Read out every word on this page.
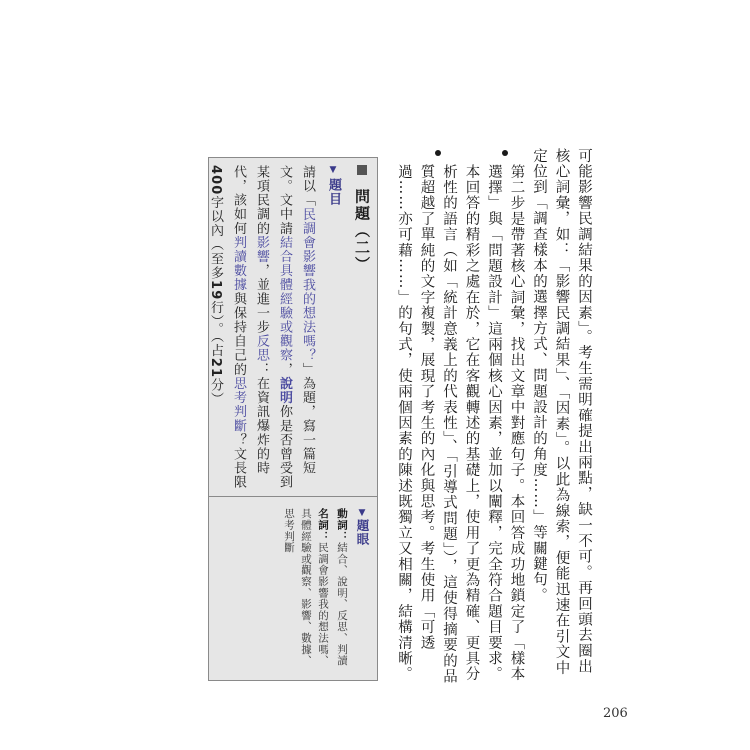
可能影響民調結果的因素」。考生需明確提出兩點，缺一不可。再回頭去圈出核心詞彙，如：「影響民調結果」、「因素」。以此為線索，便能迅速在引文中定位到「調查樣本的選擇方式、問題設計的角度……」等關鍵句。

第二步是帶著核心詞彙，找出文章中對應句子。本回答成功地鎖定了「樣本選擇」與「問題設計」這兩個核心因素，並加以闡釋，完全符合題目要求。

本回答的精彩之處在於，它在客觀轉述的基礎上，使用了更為精確、更具分析性的語言（如「統計意義上的代表性」、「引導式問題」），這使得摘要的品質超越了單純的文字複製，展現了考生的內化與思考。考生使用「可透過……亦可藉……」的句式，使兩個因素的陳述既獨立又相關，結構清晰。

問題（二）
▼題目

請以「民調會影響我的想法嗎？」為題，寫一篇短文。文中請結合具體經驗或觀察，說明你是否曾受到某項民調的影響，並進一步反思：在資訊爆炸的時代，該如何判讀數據與保持自己的思考判斷？文長限400字以內（至多19行）。（占21分）

▼題眼

動詞：結合、說明、反思、判讀

名詞：民調會影響我的想法嗎、具體經驗或觀察、影響、數據、思考判斷

206
